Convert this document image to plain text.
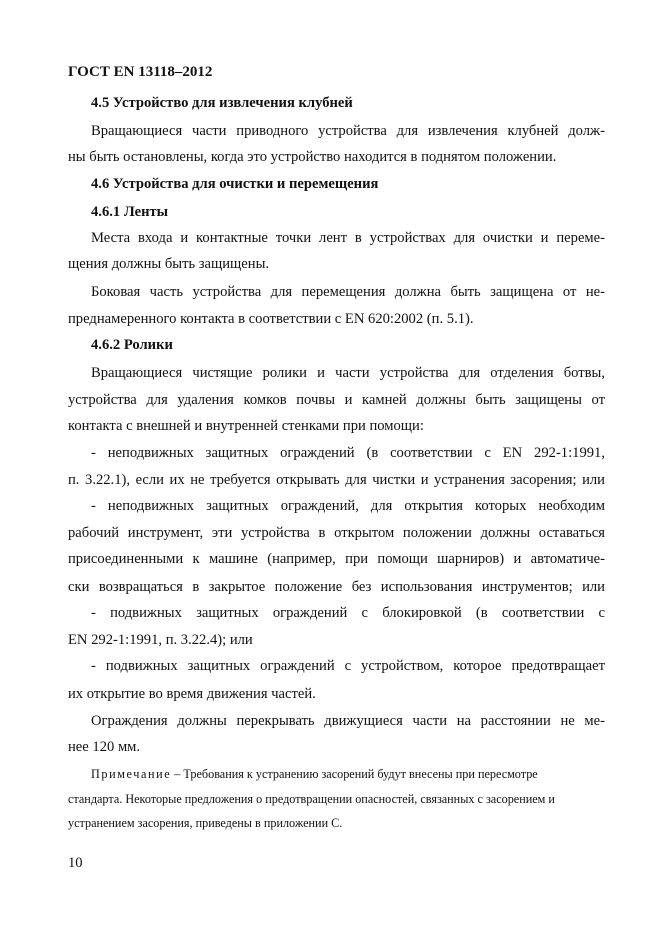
ГОСТ EN 13118–2012
4.5 Устройство для извлечения клубней
Вращающиеся части приводного устройства для извлечения клубней долж-
ны быть остановлены, когда это устройство находится в поднятом положении.
4.6 Устройства для очистки и перемещения
4.6.1 Ленты
Места входа и контактные точки лент в устройствах для очистки и переме-
щения должны быть защищены.
Боковая часть устройства для перемещения должна быть защищена от не-
преднамеренного контакта в соответствии с EN 620:2002 (п. 5.1).
4.6.2 Ролики
Вращающиеся чистящие ролики и части устройства для отделения ботвы,
устройства для удаления комков почвы и камней должны быть защищены от
контакта с внешней и внутренней стенками при помощи:
- неподвижных защитных ограждений (в соответствии с EN 292-1:1991,
п. 3.22.1), если их не требуется открывать для чистки и устранения засорения; или
- неподвижных защитных ограждений, для открытия которых необходим
рабочий инструмент, эти устройства в открытом положении должны оставаться
присоединенными к машине (например, при помощи шарниров) и автоматиче-
ски возвращаться в закрытое положение без использования инструментов; или
- подвижных защитных ограждений с блокировкой (в соответствии с
EN 292-1:1991, п. 3.22.4); или
- подвижных защитных ограждений с устройством, которое предотвращает
их открытие во время движения частей.
Ограждения должны перекрывать движущиеся части на расстоянии не ме-
нее 120 мм.
Примечание – Требования к устранению засорений будут внесены при пересмотре
стандарта. Некоторые предложения о предотвращении опасностей, связанных с засорением и
устранением засорения, приведены в приложении С.
10
